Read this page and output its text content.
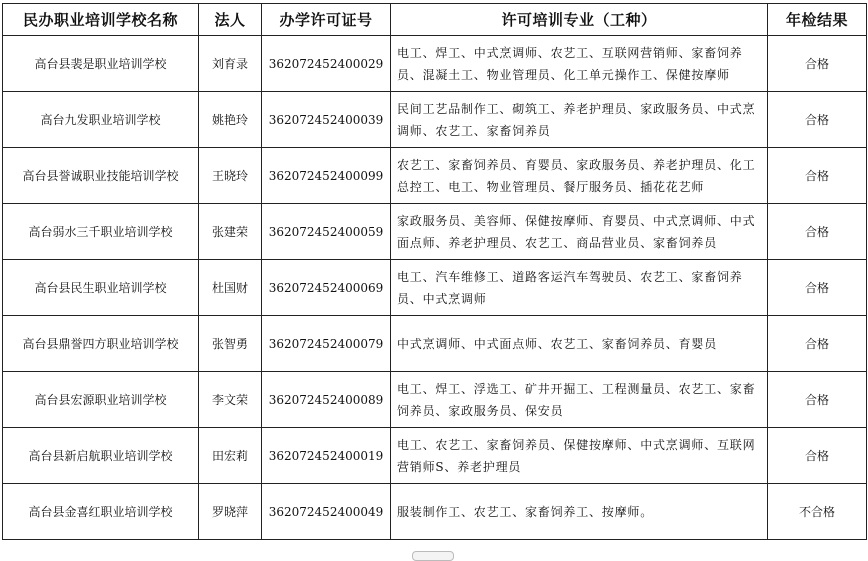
民办职业培训学校名称	法人	办学许可证号	许可培训专业（工种）	年检结果
高台县裴是职业培训学校	刘育录	362072452400029	电工、焊工、中式烹调师、农艺工、互联网营销师、家畜饲养员、混凝土工、物业管理员、化工单元操作工、保健按摩师	合格
高台九发职业培训学校	姚艳玲	362072452400039	民间工艺品制作工、砌筑工、养老护理员、家政服务员、中式烹调师、农艺工、家畜饲养员	合格
高台县誉诚职业技能培训学校	王晓玲	362072452400099	农艺工、家畜饲养员、育婴员、家政服务员、养老护理员、化工总控工、电工、物业管理员、餐厅服务员、插花花艺师	合格
高台弱水三千职业培训学校	张建荣	362072452400059	家政服务员、美容师、保健按摩师、育婴员、中式烹调师、中式面点师、养老护理员、农艺工、商品营业员、家畜饲养员	合格
高台县民生职业培训学校	杜国财	362072452400069	电工、汽车维修工、道路客运汽车驾驶员、农艺工、家畜饲养员、中式烹调师	合格
高台县鼎誉四方职业培训学校	张智勇	362072452400079	中式烹调师、中式面点师、农艺工、家畜饲养员、育婴员	合格
高台县宏源职业培训学校	李文荣	362072452400089	电工、焊工、浮选工、矿井开掘工、工程测量员、农艺工、家畜饲养员、家政服务员、保安员	合格
高台县新启航职业培训学校	田宏莉	362072452400019	电工、农艺工、家畜饲养员、保健按摩师、中式烹调师、互联网营销师S、养老护理员	合格
高台县金喜红职业培训学校	罗晓萍	362072452400049	服装制作工、农艺工、家畜饲养工、按摩师。	不合格
